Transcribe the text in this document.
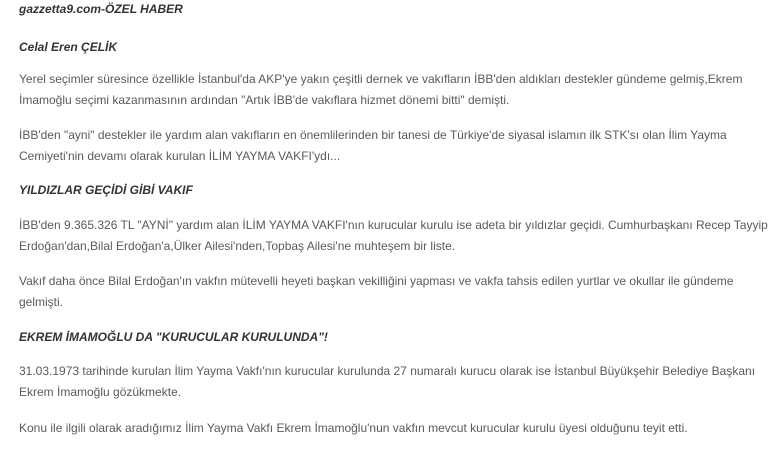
gazzetta9.com-ÖZEL HABER
Celal Eren ÇELİK
Yerel seçimler süresince özellikle İstanbul'da AKP'ye yakın çeşitli dernek ve vakıfların İBB'den aldıkları destekler gündeme gelmiş,Ekrem
İmamoğlu seçimi kazanmasının ardından "Artık İBB'de vakıflara hizmet dönemi bitti" demişti.
İBB'den "ayni" destekler ile yardım alan vakıfların en önemlilerinden bir tanesi de Türkiye'de siyasal islamın ilk STK'sı olan İlim Yayma
Cemiyeti'nin devamı olarak kurulan İLİM YAYMA VAKFI'ydı...
YILDIZLAR GEÇİDİ GİBİ VAKIF
İBB'den 9.365.326 TL "AYNİ" yardım alan İLİM YAYMA VAKFI'nın kurucular kurulu ise adeta bir yıldızlar geçidi. Cumhurbaşkanı Recep Tayyip
Erdoğan'dan,Bilal Erdoğan'a,Ülker Ailesi'nden,Topbaş Ailesi'ne muhteşem bir liste.
Vakıf daha önce Bilal Erdoğan'ın vakfın mütevelli heyeti başkan vekilliğini yapması ve vakfa tahsis edilen yurtlar ve okullar ile gündeme
gelmişti.
EKREM İMAMOĞLU DA "KURUCULAR KURULUNDA"!
31.03.1973 tarihinde kurulan İlim Yayma Vakfı'nın kurucular kurulunda 27 numaralı kurucu olarak ise İstanbul Büyükşehir Belediye Başkanı
Ekrem İmamoğlu gözükmekte.
Konu ile ilgili olarak aradığımız İlim Yayma Vakfı Ekrem İmamoğlu'nun vakfın mevcut kurucular kurulu üyesi olduğunu teyit etti.
